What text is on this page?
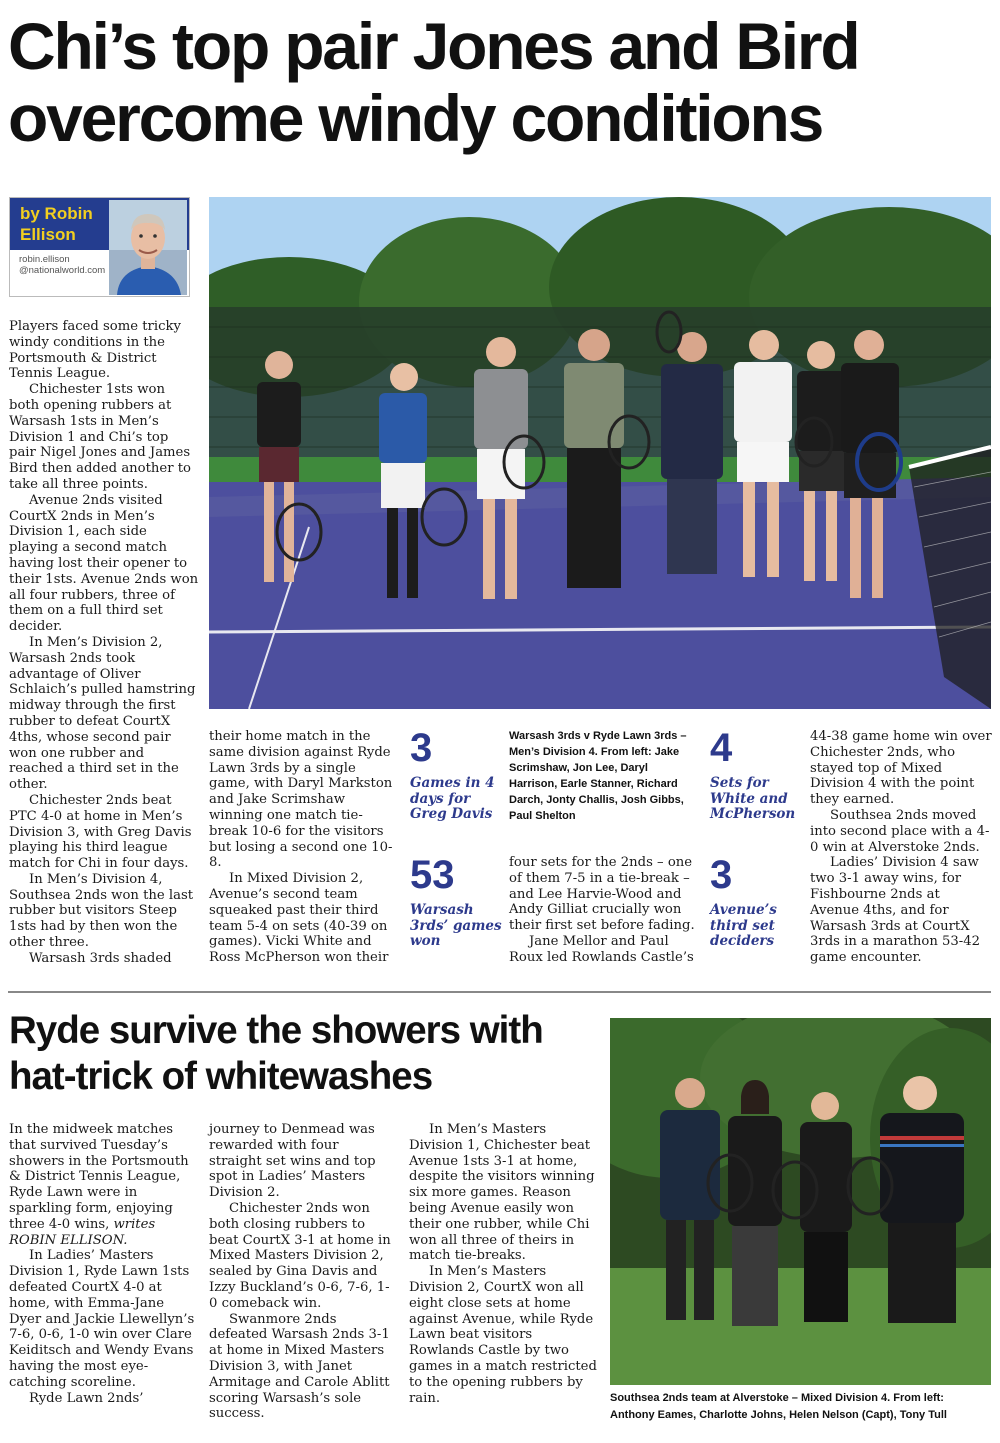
Chi’s top pair Jones and Bird overcome windy conditions
by Robin Ellison
robin.ellison @nationalworld.com

Players faced some tricky windy conditions in the Portsmouth & District Tennis League.

Chichester 1sts won both opening rubbers at Warsash 1sts in Men’s Division 1 and Chi’s top pair Nigel Jones and James Bird then added another to take all three points.

Avenue 2nds visited CourtX 2nds in Men’s Division 1, each side playing a second match having lost their opener to their 1sts. Avenue 2nds won all four rubbers, three of them on a full third set decider.

In Men’s Division 2, Warsash 2nds took advantage of Oliver Schlaich’s pulled hamstring midway through the first rubber to defeat CourtX 4ths, whose second pair won one rubber and reached a third set in the other.

Chichester 2nds beat PTC 4-0 at home in Men’s Division 3, with Greg Davis playing his third league match for Chi in four days.

In Men’s Division 4, Southsea 2nds won the last rubber but visitors Steep 1sts had by then won the other three.

Warsash 3rds shaded

their home match in the same division against Ryde Lawn 3rds by a single game, with Daryl Markston and Jake Scrimshaw winning one match tie-break 10-6 for the visitors but losing a second one 10-8.

In Mixed Division 2, Avenue’s second team squeaked past their third team 5-4 on sets (40-39 on games). Vicki White and Ross McPherson won their

3
Games in 4 days for Greg Davis
53
Warsash 3rds’ games won
Warsash 3rds v Ryde Lawn 3rds – Men’s Division 4. From left: Jake Scrimshaw, Jon Lee, Daryl Harrison, Earle Stanner, Richard Darch, Jonty Challis, Josh Gibbs, Paul Shelton

four sets for the 2nds – one of them 7-5 in a tie-break – and Lee Harvie-Wood and Andy Gilliat crucially won their first set before fading.

Jane Mellor and Paul Roux led Rowlands Castle’s

4
Sets for White and McPherson
3
Avenue’s third set deciders

44-38 game home win over Chichester 2nds, who stayed top of Mixed Division 4 with the point they earned.

Southsea 2nds moved into second place with a 4-0 win at Alverstoke 2nds.

Ladies’ Division 4 saw two 3-1 away wins, for Fishbourne 2nds at Avenue 4ths, and for Warsash 3rds at CourtX 3rds in a marathon 53-42 game encounter.

Ryde survive the showers with hat-trick of whitewashes

In the midweek matches that survived Tuesday’s showers in the Portsmouth & District Tennis League, Ryde Lawn were in sparkling form, enjoying three 4-0 wins, writes ROBIN ELLISON.

In Ladies’ Masters Division 1, Ryde Lawn 1sts defeated CourtX 4-0 at home, with Emma-Jane Dyer and Jackie Llewellyn’s 7-6, 0-6, 1-0 win over Clare Keiditsch and Wendy Evans having the most eye-catching scoreline.

Ryde Lawn 2nds’

journey to Denmead was rewarded with four straight set wins and top spot in Ladies’ Masters Division 2.

Chichester 2nds won both closing rubbers to beat CourtX 3-1 at home in Mixed Masters Division 2, sealed by Gina Davis and Izzy Buckland’s 0-6, 7-6, 1-0 comeback win.

Swanmore 2nds defeated Warsash 2nds 3-1 at home in Mixed Masters Division 3, with Janet Armitage and Carole Ablitt scoring Warsash’s sole success.

In Men’s Masters Division 1, Chichester beat Avenue 1sts 3-1 at home, despite the visitors winning six more games. Reason being Avenue easily won their one rubber, while Chi won all three of theirs in match tie-breaks.

In Men’s Masters Division 2, CourtX won all eight close sets at home against Avenue, while Ryde Lawn beat visitors Rowlands Castle by two games in a match restricted to the opening rubbers by rain.	Southsea 2nds team at Alverstoke – Mixed Division 4. From left: Anthony Eames, Charlotte Johns, Helen Nelson (Capt), Tony Tull
